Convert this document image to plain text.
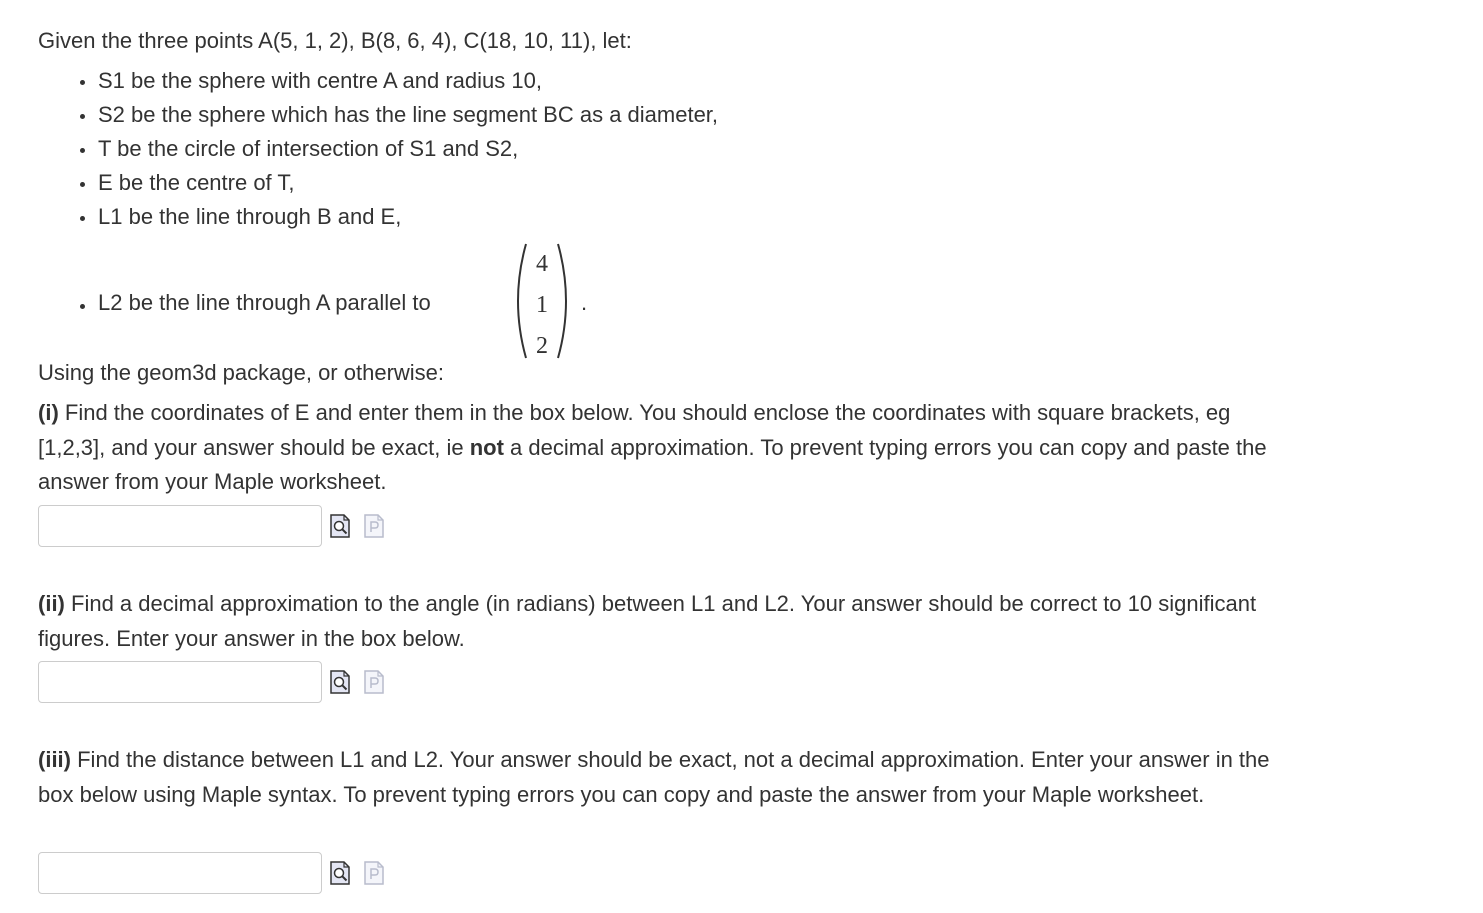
Given the three points A(5, 1, 2), B(8, 6, 4), C(18, 10, 11), let:
S1 be the sphere with centre A and radius 10,
S2 be the sphere which has the line segment BC as a diameter,
T be the circle of intersection of S1 and S2,
E be the centre of T,
L1 be the line through B and E,
L2 be the line through A parallel to
4
1
2
.

Using the geom3d package, or otherwise:

(i) Find the coordinates of E and enter them in the box below. You should enclose the coordinates with square brackets, eg [1,2,3], and your answer should be exact, ie not a decimal approximation. To prevent typing errors you can copy and paste the answer from your Maple worksheet.

(ii) Find a decimal approximation to the angle (in radians) between L1 and L2. Your answer should be correct to 10 significant figures. Enter your answer in the box below.

(iii) Find the distance between L1 and L2. Your answer should be exact, not a decimal approximation. Enter your answer in the box below using Maple syntax. To prevent typing errors you can copy and paste the answer from your Maple worksheet.
